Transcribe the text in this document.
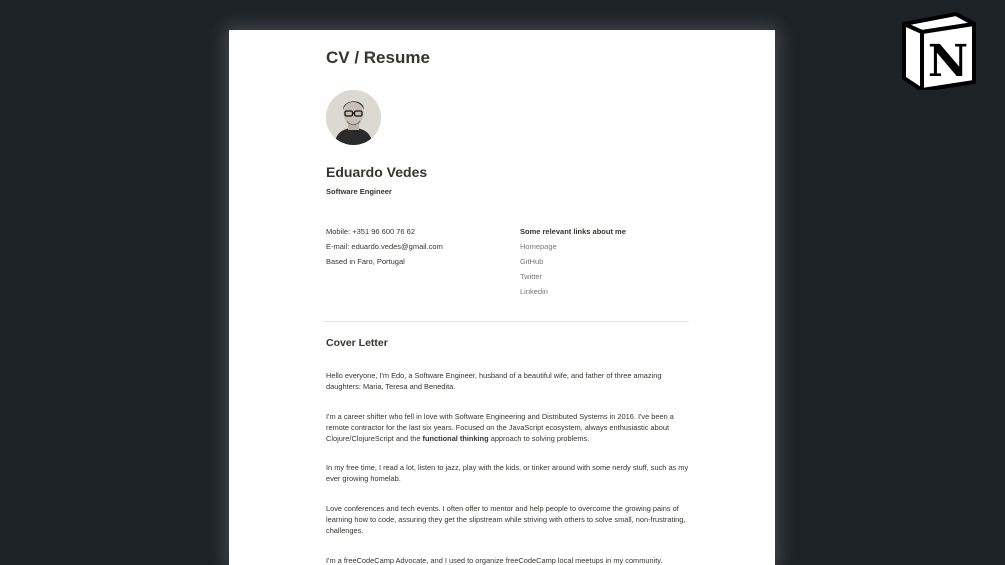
CV / Resume
Eduardo Vedes
Software Engineer
Mobile: +351 96 600 76 62
E-mail: eduardo.vedes@gmail.com
Based in Faro, Portugal
Some relevant links about me
Homepage
GitHub
Twitter
Linkedin
Cover Letter

Hello everyone, I'm Edo, a Software Engineer, husband of a beautiful wife, and father of three amazing daughters: Maria, Teresa and Benedita.

I'm a career shifter who fell in love with Software Engineering and Distributed Systems in 2016. I've been a remote contractor for the last six years. Focused on the JavaScript ecosystem, always enthusiastic about Clojure/ClojureScript and the functional thinking approach to solving problems.

In my free time, I read a lot, listen to jazz, play with the kids, or tinker around with some nerdy stuff, such as my ever growing homelab.

Love conferences and tech events. I often offer to mentor and help people to overcome the growing pains of learning how to code, assuring they get the slipstream while striving with others to solve small, non-frustrating, challenges.

I'm a freeCodeCamp Advocate, and I used to organize freeCodeCamp local meetups in my community.

N
